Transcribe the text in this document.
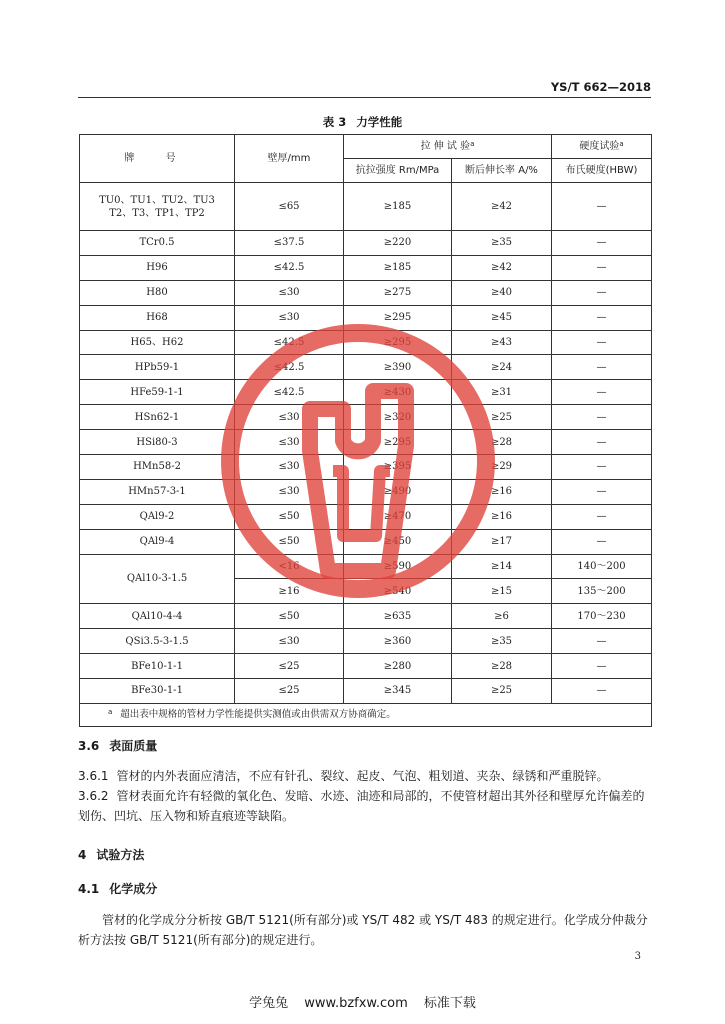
YS/T 662—2018
表 3 力学性能
牌 号	壁厚/mm	拉 伸 试 验$^a$		硬度试验$^a$
		抗拉强度 Rm/MPa	断后伸长率 A/%	布氏硬度(HBW)

TU0、TU1、TU2、TU3
T2、T3、TP1、TP2	≤65	≥185	≥42	—
TCr0.5	≤37.5	≥220	≥35	—
H96	≤42.5	≥185	≥42	—
H80	≤30	≥275	≥40	—
H68	≤30	≥295	≥45	—
H65、H62	≤42.5	≥295	≥43	—
HPb59-1	≤42.5	≥390	≥24	—
HFe59-1-1	≤42.5	≥430	≥31	—
HSn62-1	≤30	≥320	≥25	—
HSi80-3	≤30	≥295	≥28	—
HMn58-2	≤30	≥395	≥29	—
HMn57-3-1	≤30	≥490	≥16	—
QAl9-2	≤50	≥470	≥16	—
QAl9-4	≤50	≥450	≥17	—
QAl10-3-1.5	<16	≥590	≥14	140～200
	≥16	≥540	≥15	135～200
QAl10-4-4	≤50	≥635	≥6	170～230
QSi3.5-3-1.5	≤30	≥360	≥35	—
BFe10-1-1	≤25	≥280	≥28	—
BFe30-1-1	≤25	≥345	≥25	—
$^a$ 超出表中规格的管材力学性能提供实测值或由供需双方协商确定。				
3.6 表面质量
3.6.1 管材的内外表面应清洁，不应有针孔、裂纹、起皮、气泡、粗划道、夹杂、绿锈和严重脱锌。
3.6.2 管材表面允许有轻微的氧化色、发暗、水迹、油迹和局部的，不使管材超出其外径和壁厚允许偏差的划伤、凹坑、压入物和矫直痕迹等缺陷。
4 试验方法
4.1 化学成分
管材的化学成分分析按 GB/T 5121(所有部分)或 YS/T 482 或 YS/T 483 的规定进行。化学成分仲裁分析方法按 GB/T 5121(所有部分)的规定进行。
3
学兔兔 www.bzfxw.com 标准下载
